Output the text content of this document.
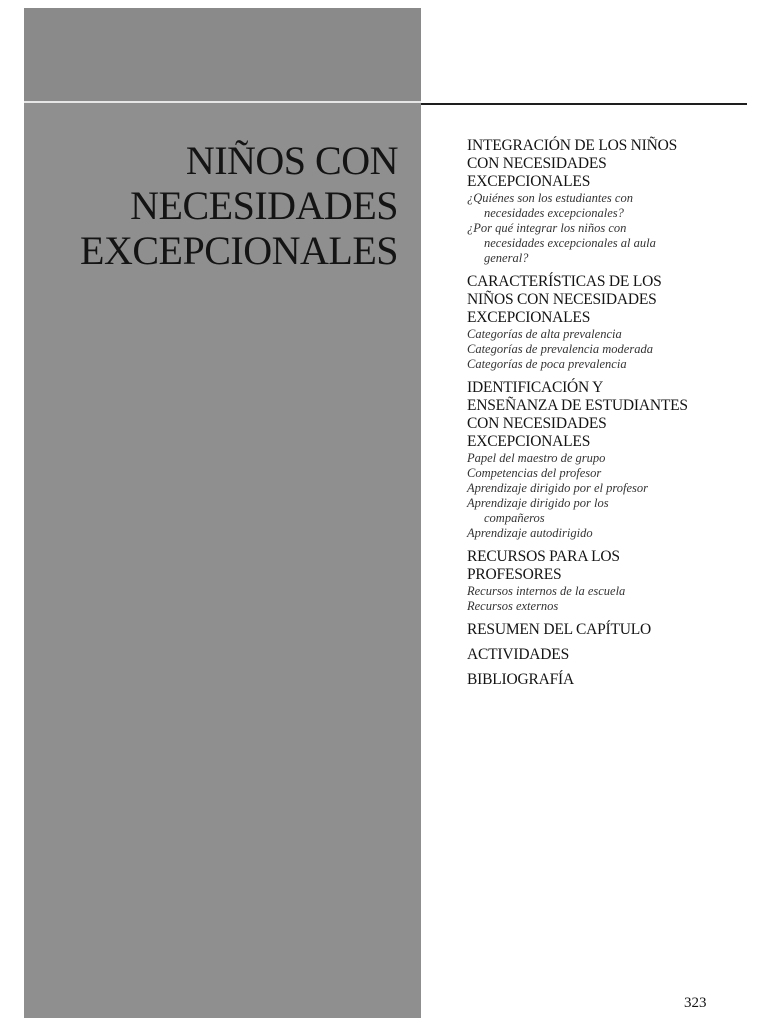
NIÑOS CON
NECESIDADES
EXCEPCIONALES
INTEGRACIÓN DE LOS NIÑOS
CON NECESIDADES
EXCEPCIONALES
¿Quiénes son los estudiantes con
necesidades excepcionales?
¿Por qué integrar los niños con
necesidades excepcionales al aula
general?
CARACTERÍSTICAS DE LOS
NIÑOS CON NECESIDADES
EXCEPCIONALES
Categorías de alta prevalencia
Categorías de prevalencia moderada
Categorías de poca prevalencia
IDENTIFICACIÓN Y
ENSEÑANZA DE ESTUDIANTES
CON NECESIDADES
EXCEPCIONALES
Papel del maestro de grupo
Competencias del profesor
Aprendizaje dirigido por el profesor
Aprendizaje dirigido por los
compañeros
Aprendizaje autodirigido
RECURSOS PARA LOS
PROFESORES
Recursos internos de la escuela
Recursos externos
RESUMEN DEL CAPÍTULO
ACTIVIDADES
BIBLIOGRAFÍA
323
